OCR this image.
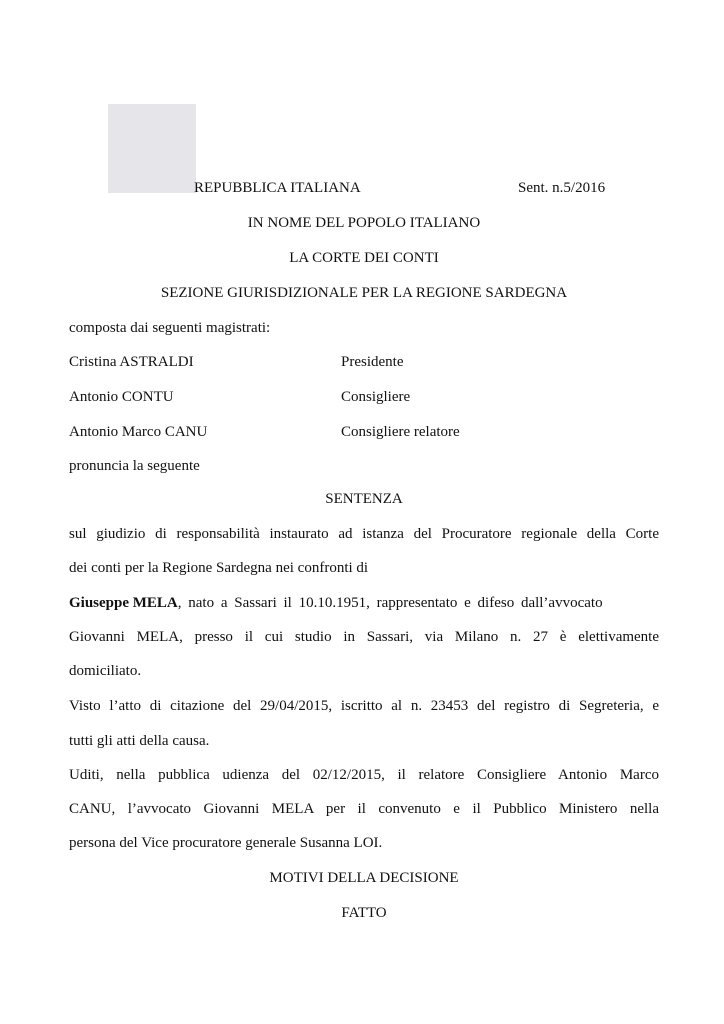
REPUBBLICA ITALIANA	Sent. n.5/2016
IN NOME DEL POPOLO ITALIANO
LA CORTE DEI CONTI
SEZIONE GIURISDIZIONALE PER LA REGIONE SARDEGNA
composta dai seguenti magistrati:
Cristina ASTRALDI	Presidente
Antonio CONTU	Consigliere
Antonio Marco CANU	Consigliere relatore
pronuncia la seguente
SENTENZA
sul giudizio di responsabilità instaurato ad istanza del Procuratore regionale della Corte
dei conti per la Regione Sardegna nei confronti di
Giuseppe MELA, nato a Sassari il 10.10.1951, rappresentato e difeso dall’avvocato
Giovanni MELA, presso il cui studio in Sassari, via Milano n. 27 è elettivamente
domiciliato.
Visto l’atto di citazione del 29/04/2015, iscritto al n. 23453 del registro di Segreteria, e
tutti gli atti della causa.
Uditi, nella pubblica udienza del 02/12/2015, il relatore Consigliere Antonio Marco
CANU, l’avvocato Giovanni MELA per il convenuto e il Pubblico Ministero nella
persona del Vice procuratore generale Susanna LOI.
MOTIVI DELLA DECISIONE
FATTO
